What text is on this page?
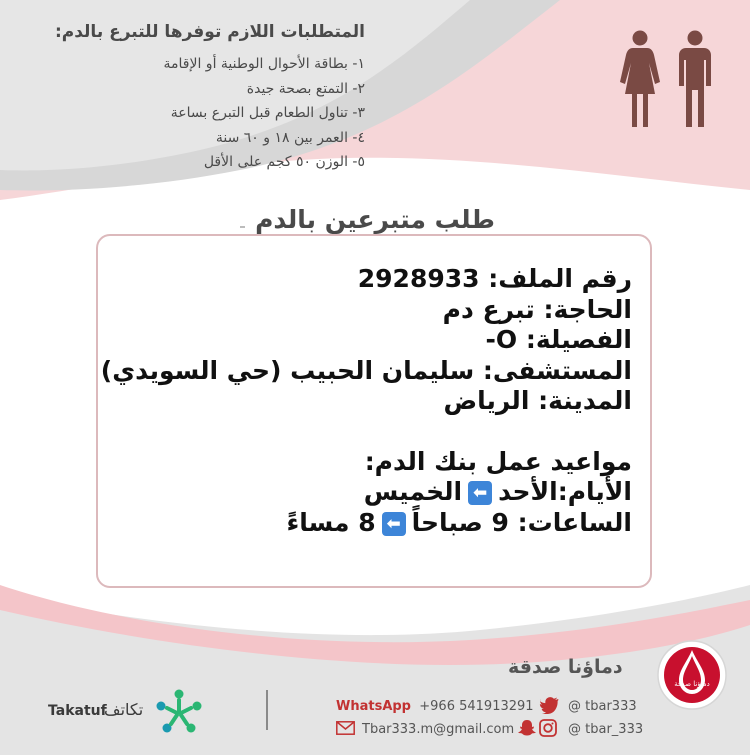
المتطلبات اللازم توفرها للتبرع بالدم:
١- بطاقة الأحوال الوطنية أو الإقامة
٢- التمتع بصحة جيدة
٣- تناول الطعام قبل التبرع بساعة
٤- العمر بين ١٨ و ٦٠ سنة
٥- الوزن ٥٠ كجم على الأقل
طلب متبرعين بالدم
رقم الملف: 2928933
الحاجة: تبرع دم
الفصيلة: O-
المستشفى: سليمان الحبيب (حي السويدي)
المدينة: الرياض
مواعيد عمل بنك الدم:
الأيام:الأحد⬅الخميس
الساعات: 9 صباحاً⬅8 مساءً
دماؤنا صدقة
دماؤنا صدقة
WhatsApp +966 541913291
Tbar333.m@gmail.com
@ tbar333
@ tbar_333
تكاتف
Takatuf
